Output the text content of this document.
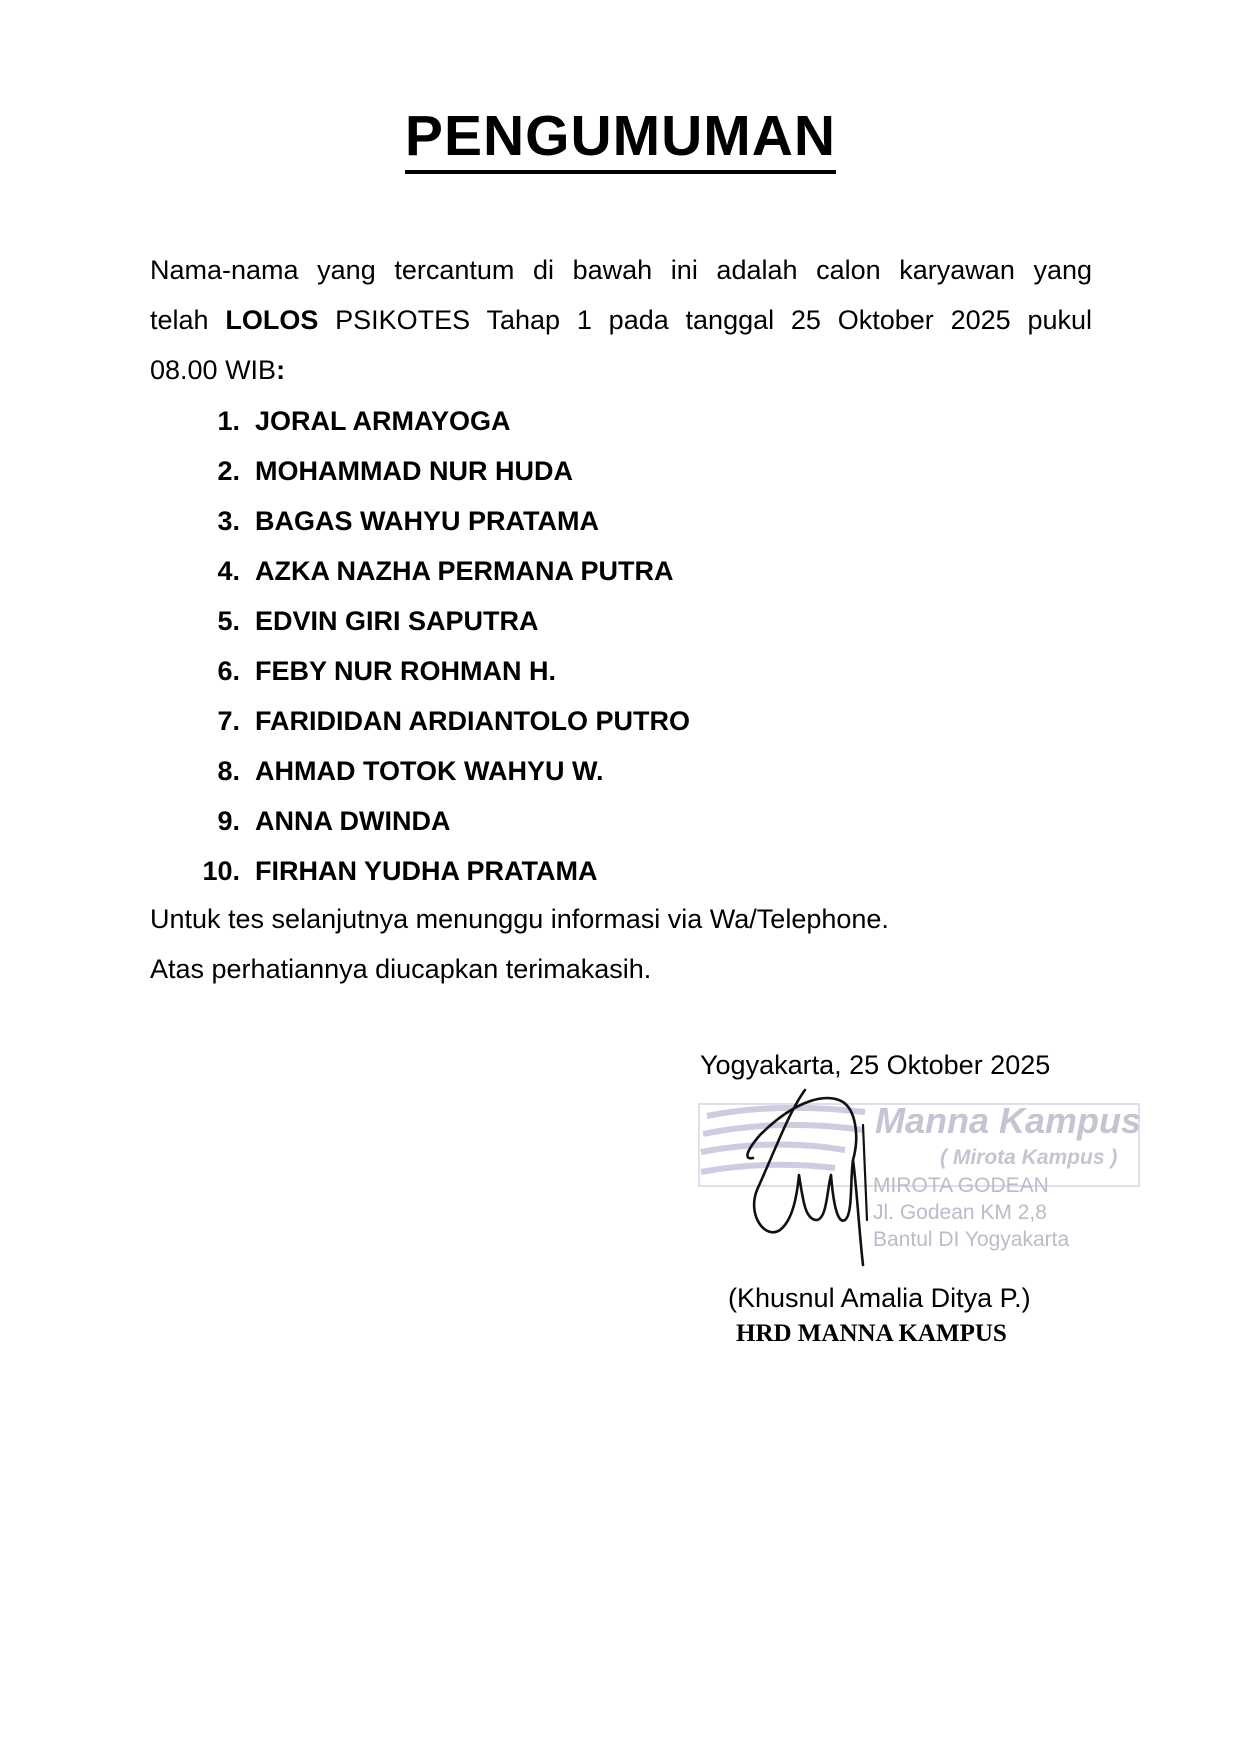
PENGUMUMAN
Nama-nama yang tercantum di bawah ini adalah calon karyawan yang
telah LOLOS PSIKOTES Tahap 1 pada tanggal 25 Oktober 2025 pukul
08.00 WIB:
1. JORAL ARMAYOGA
2. MOHAMMAD NUR HUDA
3. BAGAS WAHYU PRATAMA
4. AZKA NAZHA PERMANA PUTRA
5. EDVIN GIRI SAPUTRA
6. FEBY NUR ROHMAN H.
7. FARIDIDAN ARDIANTOLO PUTRO
8. AHMAD TOTOK WAHYU W.
9. ANNA DWINDA
10. FIRHAN YUDHA PRATAMA

Untuk tes selanjutnya menunggu informasi via Wa/Telephone.

Atas perhatiannya diucapkan terimakasih.

Yogyakarta, 25 Oktober 2025
Manna Kampus
( Mirota Kampus )
MIROTA GODEAN
Jl. Godean KM 2,8
Bantul DI Yogyakarta
(Khusnul Amalia Ditya P.)
HRD MANNA KAMPUS
